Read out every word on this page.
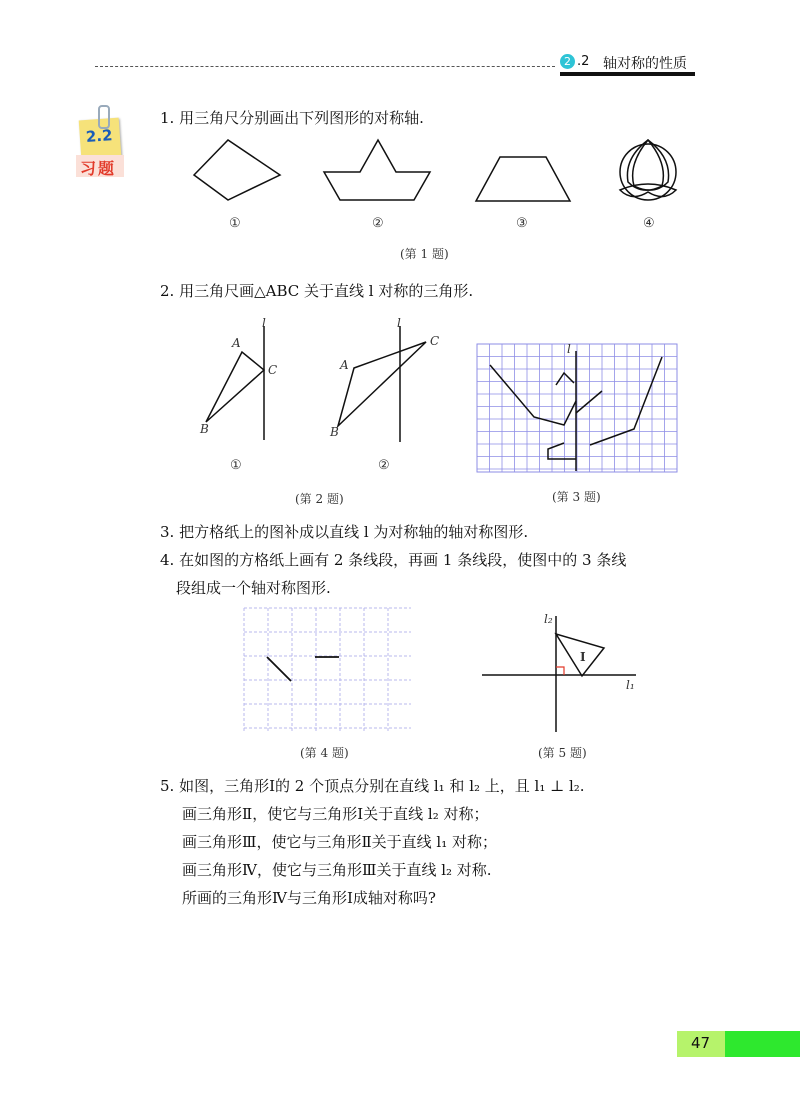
2 .2 轴对称的性质
2.2
习题
1. 用三角尺分别画出下列图形的对称轴.
①	②	③	④
(第 1 题)
2. 用三角尺画△ABC 关于直线 l 对称的三角形.
l
A
B
C
①
l
A
B
C
②
(第 2 题)
l
(第 3 题)
3. 把方格纸上的图补成以直线 l 为对称轴的轴对称图形.
4. 在如图的方格纸上画有 2 条线段，再画 1 条线段，使图中的 3 条线
段组成一个轴对称图形.
(第 4 题)
l₂
l₁
Ⅰ
(第 5 题)
5. 如图，三角形Ⅰ的 2 个顶点分别在直线 l₁ 和 l₂ 上，且 l₁ ⊥ l₂.
画三角形Ⅱ，使它与三角形Ⅰ关于直线 l₂ 对称；
画三角形Ⅲ，使它与三角形Ⅱ关于直线 l₁ 对称；
画三角形Ⅳ，使它与三角形Ⅲ关于直线 l₂ 对称.
所画的三角形Ⅳ与三角形Ⅰ成轴对称吗?
47
